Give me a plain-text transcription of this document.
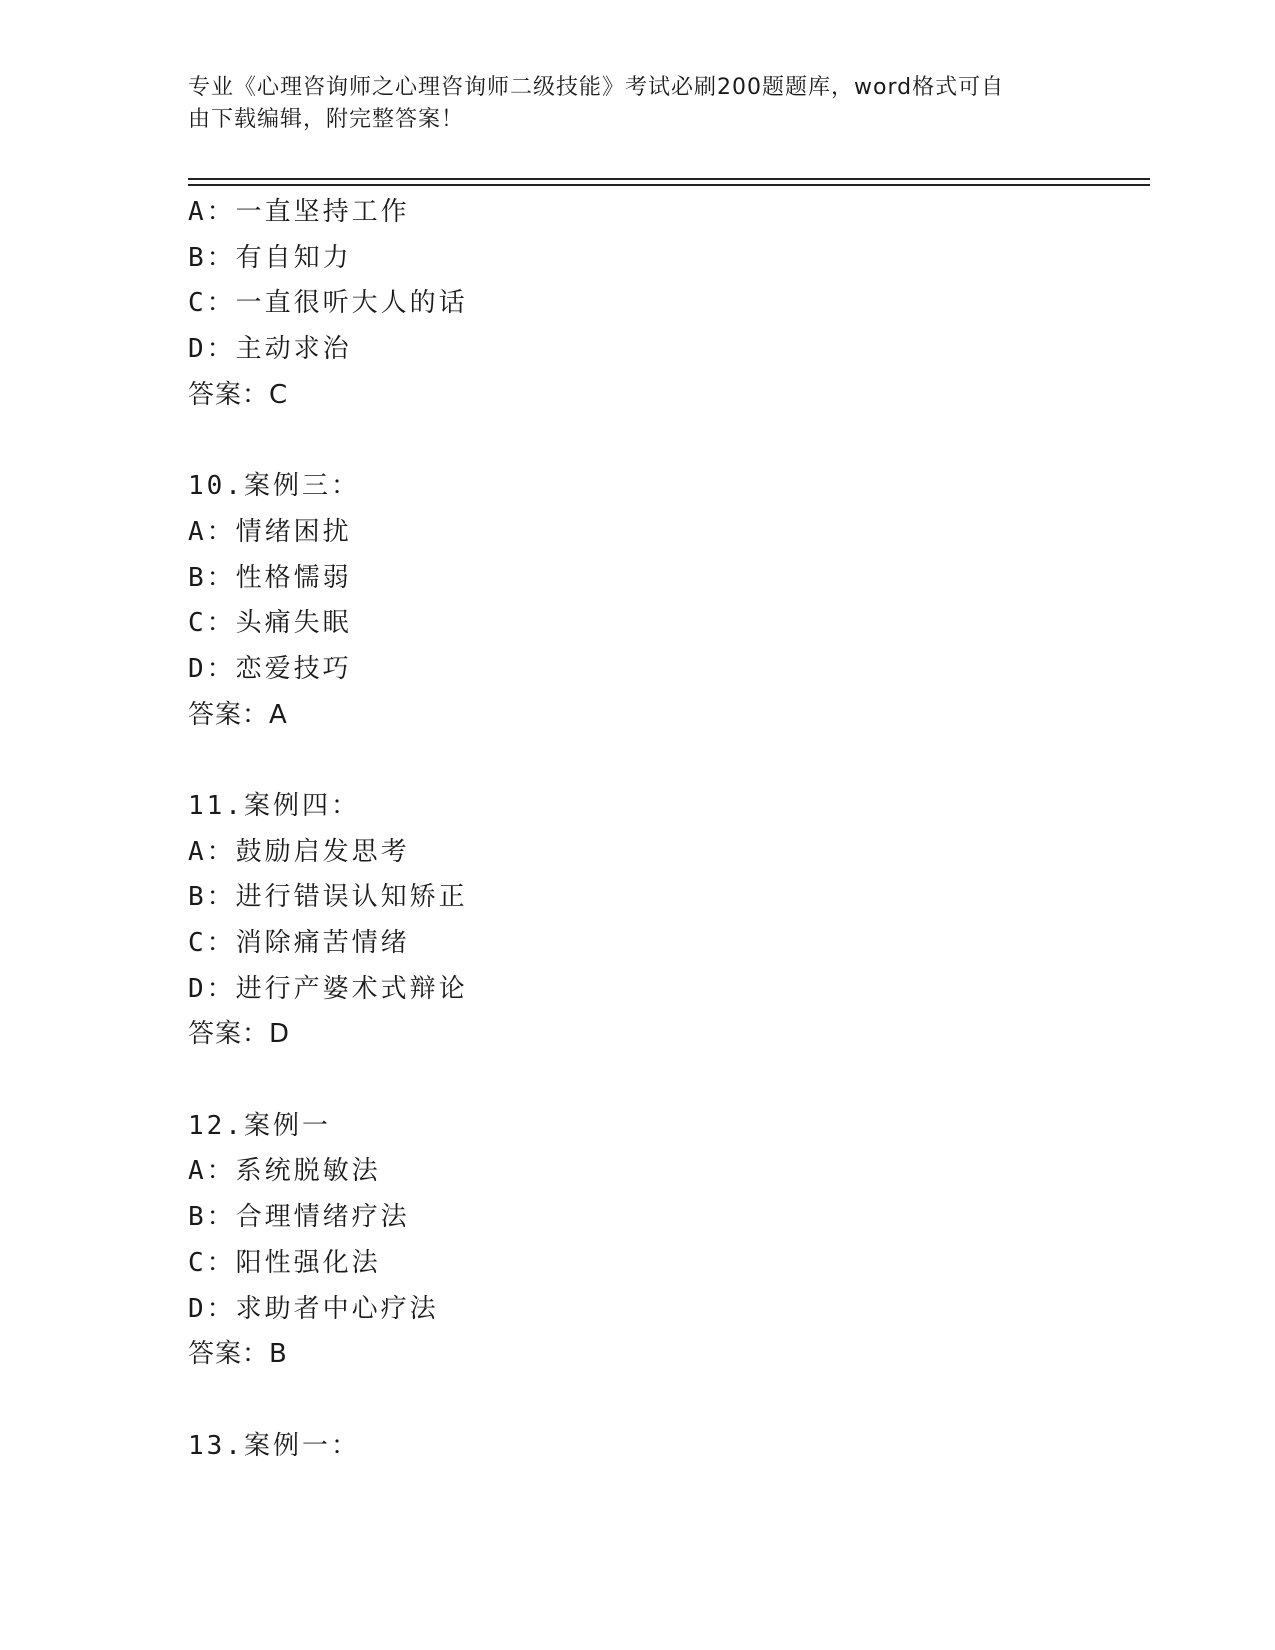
专业《心理咨询师之心理咨询师二级技能》考试必刷200题题库，word格式可自
由下载编辑，附完整答案！
A：一直坚持工作
B：有自知力
C：一直很听大人的话
D：主动求治
答案：C
10.案例三：
A：情绪困扰
B：性格懦弱
C：头痛失眠
D：恋爱技巧
答案：A
11.案例四：
A：鼓励启发思考
B：进行错误认知矫正
C：消除痛苦情绪
D：进行产婆术式辩论
答案：D
12.案例一
A：系统脱敏法
B：合理情绪疗法
C：阳性强化法
D：求助者中心疗法
答案：B
13.案例一：
